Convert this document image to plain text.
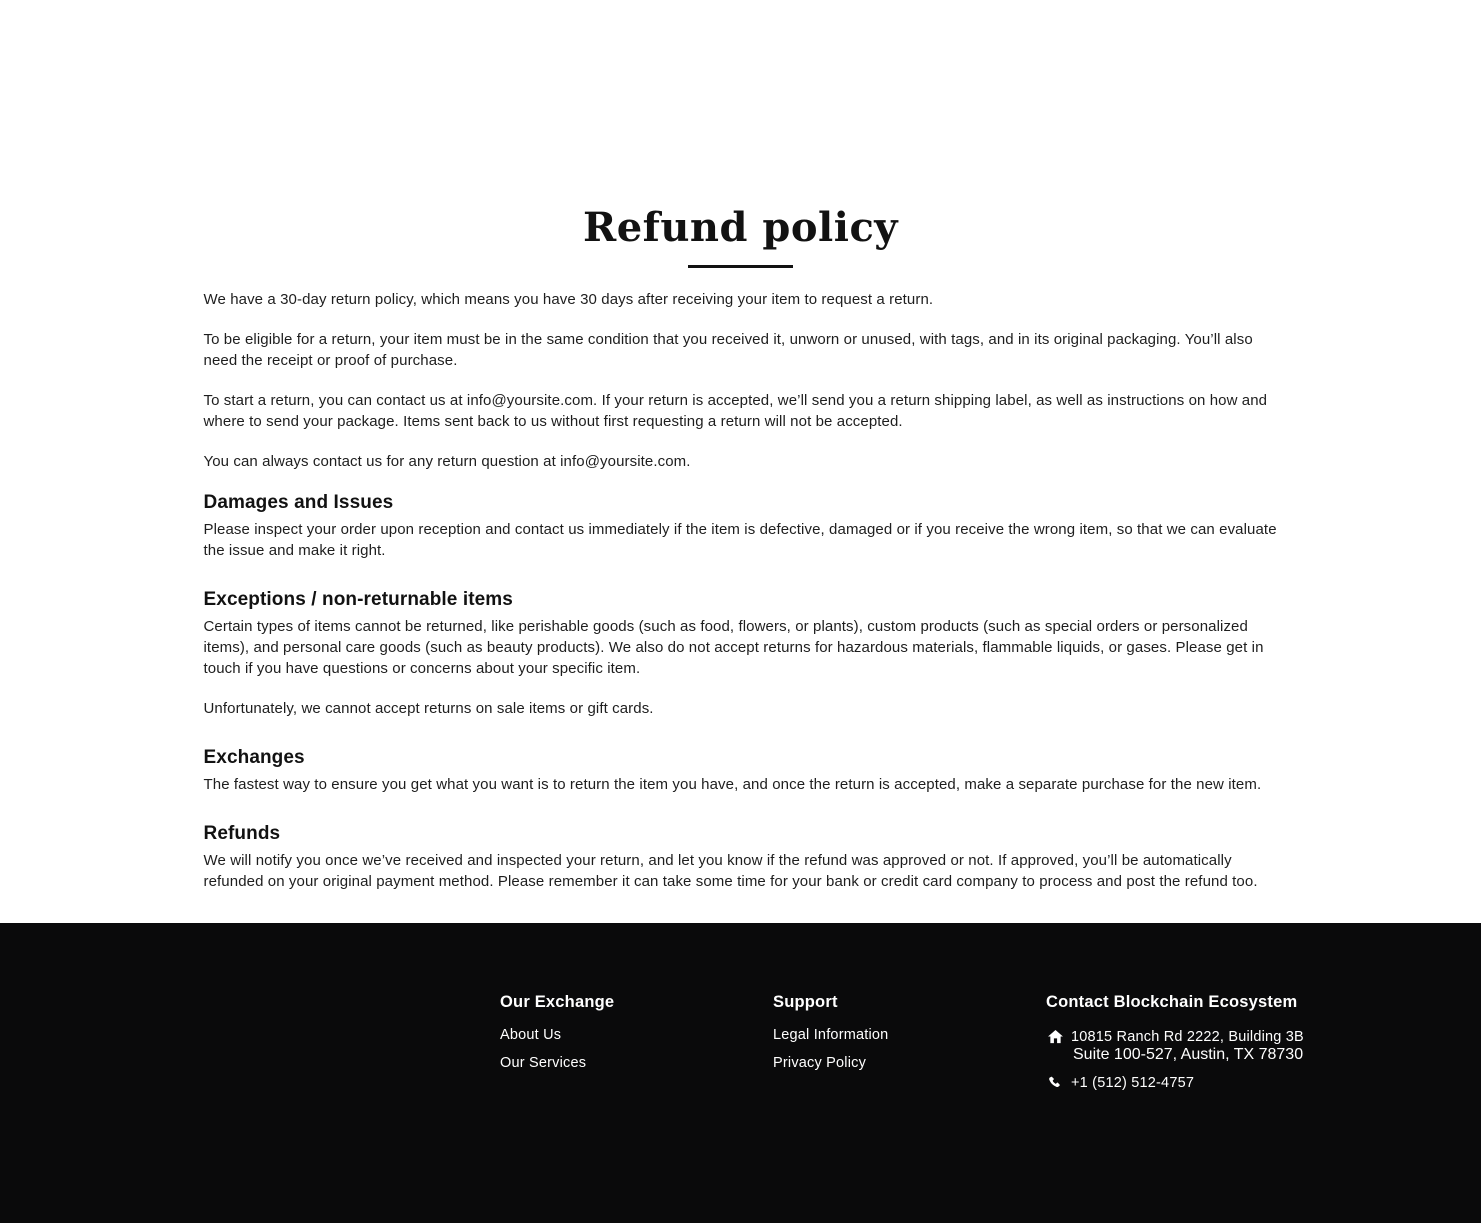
Refund policy

We have a 30-day return policy, which means you have 30 days after receiving your item to request a return.

To be eligible for a return, your item must be in the same condition that you received it, unworn or unused, with tags, and in its original packaging. You’ll also need the receipt or proof of purchase.

To start a return, you can contact us at info@yoursite.com. If your return is accepted, we’ll send you a return shipping label, as well as instructions on how and where to send your package. Items sent back to us without first requesting a return will not be accepted.

You can always contact us for any return question at info@yoursite.com.

Damages and Issues

Please inspect your order upon reception and contact us immediately if the item is defective, damaged or if you receive the wrong item, so that we can evaluate the issue and make it right.

Exceptions / non-returnable items

Certain types of items cannot be returned, like perishable goods (such as food, flowers, or plants), custom products (such as special orders or personalized items), and personal care goods (such as beauty products). We also do not accept returns for hazardous materials, flammable liquids, or gases. Please get in touch if you have questions or concerns about your specific item.

Unfortunately, we cannot accept returns on sale items or gift cards.

Exchanges

The fastest way to ensure you get what you want is to return the item you have, and once the return is accepted, make a separate purchase for the new item.

Refunds

We will notify you once we’ve received and inspected your return, and let you know if the refund was approved or not. If approved, you’ll be automatically refunded on your original payment method. Please remember it can take some time for your bank or credit card company to process and post the refund too.

Our Exchange
About Us
Our Services
Support
Legal Information
Privacy Policy
Contact Blockchain Ecosystem
10815 Ranch Rd 2222, Building 3B
Suite 100-527, Austin, TX 78730
+1 (512) 512-4757
